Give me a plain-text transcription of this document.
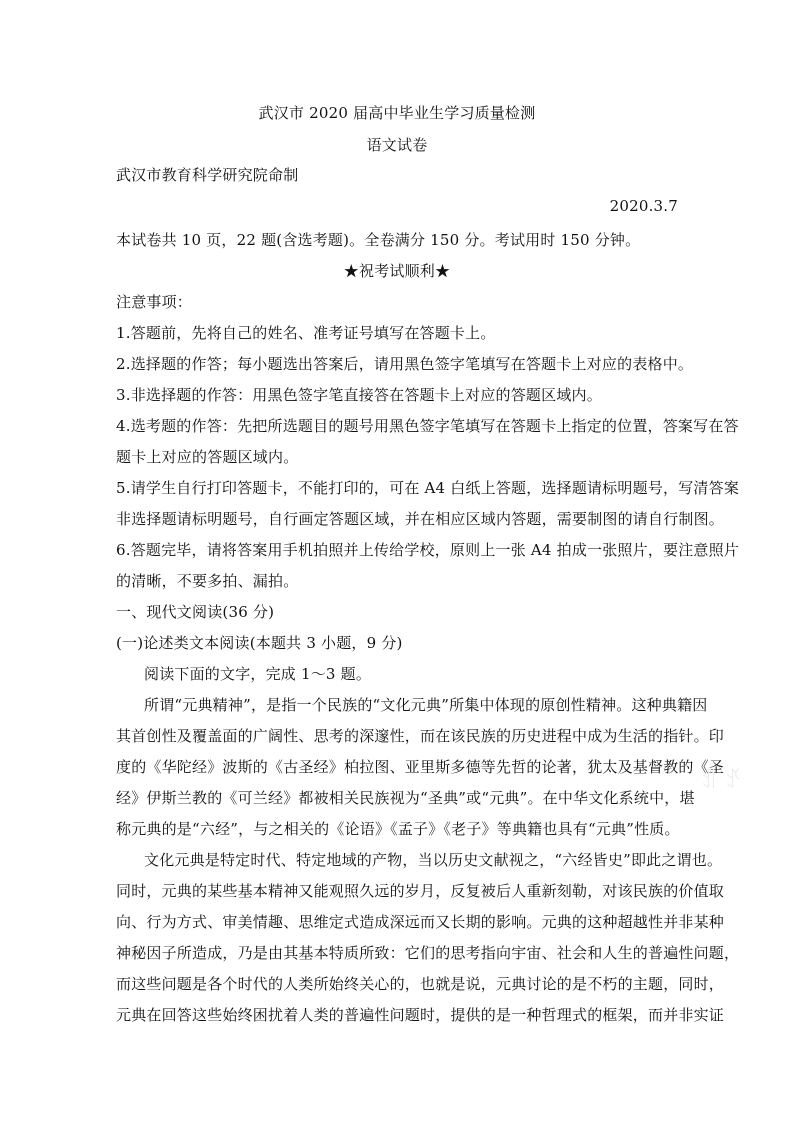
武汉市 2020 届高中毕业生学习质量检测
语文试卷
武汉市教育科学研究院命制
2020.3.7
本试卷共 10 页，22 题(含选考题)。全卷满分 150 分。考试用时 150 分钟。
★祝考试顺利★
注意事项：
1.答题前，先将自己的姓名、准考证号填写在答题卡上。
2.选择题的作答；每小题选出答案后，请用黑色签字笔填写在答题卡上对应的表格中。
3.非选择题的作答：用黑色签字笔直接答在答题卡上对应的答题区域内。
4.选考题的作答：先把所选题目的题号用黑色签字笔填写在答题卡上指定的位置，答案写在答
题卡上对应的答题区域内。
5.请学生自行打印答题卡，不能打印的，可在 A4 白纸上答题，选择题请标明题号，写清答案
非选择题请标明题号，自行画定答题区域，并在相应区域内答题，需要制图的请自行制图。
6.答题完毕，请将答案用手机拍照并上传给学校，原则上一张 A4 拍成一张照片，要注意照片
的清晰，不要多拍、漏拍。
一、现代文阅读(36 分)
(一)论述类文本阅读(本题共 3 小题，9 分)
阅读下面的文字，完成 1～3 题。
所谓“元典精神”，是指一个民族的“文化元典”所集中体现的原创性精神。这种典籍因
其首创性及覆盖面的广阔性、思考的深邃性，而在该民族的历史进程中成为生活的指针。印
度的《华陀经》波斯的《古圣经》柏拉图、亚里斯多德等先哲的论著，犹太及基督教的《圣
经》伊斯兰教的《可兰经》都被相关民族视为“圣典”或“元典”。在中华文化系统中，堪
称元典的是“六经”，与之相关的《论语》《孟子》《老子》等典籍也具有“元典”性质。
文化元典是特定时代、特定地域的产物，当以历史文献视之，“六经皆史”即此之谓也。
同时，元典的某些基本精神又能观照久远的岁月，反复被后人重新刻勒，对该民族的价值取
向、行为方式、审美情趣、思维定式造成深远而又长期的影响。元典的这种超越性并非某种
神秘因子所造成，乃是由其基本特质所致：它们的思考指向宇宙、社会和人生的普遍性问题，
而这些问题是各个时代的人类所始终关心的，也就是说，元典讨论的是不朽的主题，同时，
元典在回答这些始终困扰着人类的普遍性问题时，提供的是一种哲理式的框架，而并非实证
ꀊ ꀋ
